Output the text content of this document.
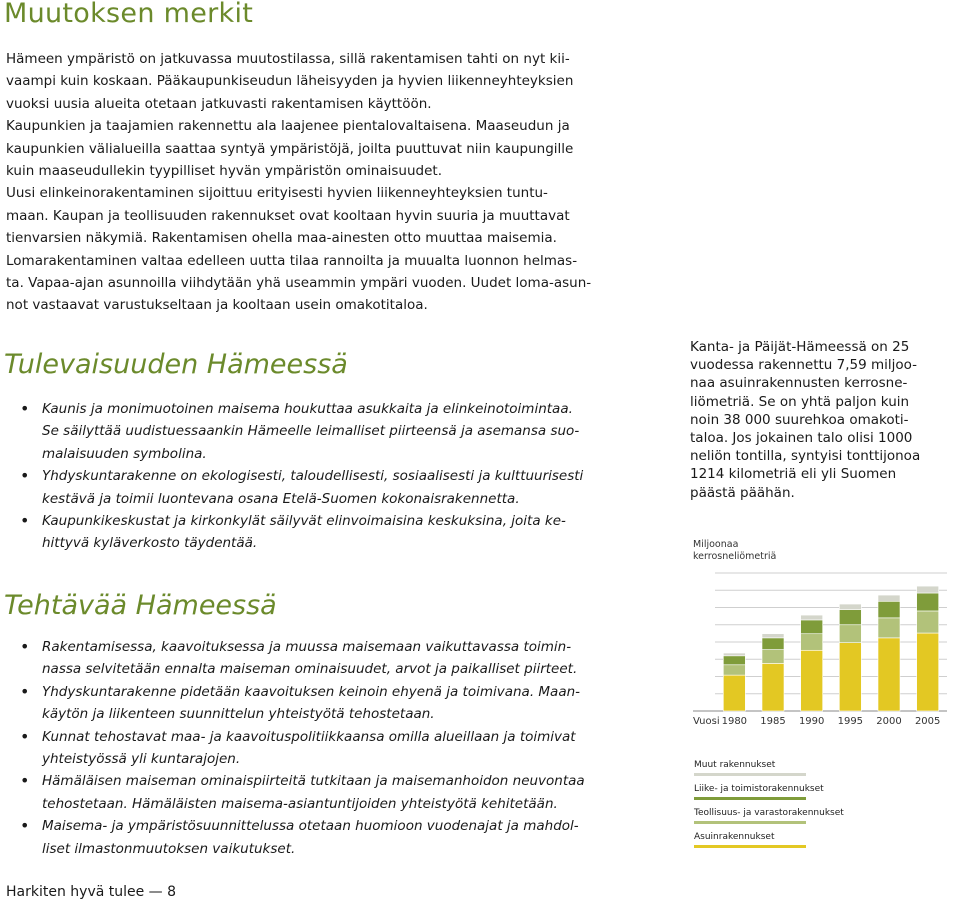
Muutoksen merkit

Hämeen ympäristö on jatkuvassa muutostilassa, sillä rakentamisen tahti on nyt kii-

vaampi kuin koskaan. Pääkaupunkiseudun läheisyyden ja hyvien liikenneyhteyksien

vuoksi uusia alueita otetaan jatkuvasti rakentamisen käyttöön.

Kaupunkien ja taajamien rakennettu ala laajenee pientalovaltaisena. Maaseudun ja

kaupunkien välialueilla saattaa syntyä ympäristöjä, joilta puuttuvat niin kaupungille

kuin maaseudullekin tyypilliset hyvän ympäristön ominaisuudet.

Uusi elinkeinorakentaminen sijoittuu erityisesti hyvien liikenneyhteyksien tuntu-

maan. Kaupan ja teollisuuden rakennukset ovat kooltaan hyvin suuria ja muuttavat

tienvarsien näkymiä. Rakentamisen ohella maa-ainesten otto muuttaa maisemia.

Lomarakentaminen valtaa edelleen uutta tilaa rannoilta ja muualta luonnon helmas-

ta. Vapaa-ajan asunnoilla viihdytään yhä useammin ympäri vuoden. Uudet loma-asun-

not vastaavat varustukseltaan ja kooltaan usein omakotitaloa.

Tulevaisuuden Hämeessä
• Kaunis ja monimuotoinen maisema houkuttaa asukkaita ja elinkeinotoimintaa.
Se säilyttää uudistuessaankin Hämeelle leimalliset piirteensä ja asemansa suo-
malaisuuden symbolina.
• Yhdyskuntarakenne on ekologisesti, taloudellisesti, sosiaalisesti ja kulttuurisesti
kestävä ja toimii luontevana osana Etelä-Suomen kokonaisrakennetta.
• Kaupunkikeskustat ja kirkonkylät säilyvät elinvoimaisina keskuksina, joita ke-
hittyvä kyläverkosto täydentää.
Tehtävää Hämeessä
• Rakentamisessa, kaavoituksessa ja muussa maisemaan vaikuttavassa toimin-
nassa selvitetään ennalta maiseman ominaisuudet, arvot ja paikalliset piirteet.
• Yhdyskuntarakenne pidetään kaavoituksen keinoin ehyenä ja toimivana. Maan-
käytön ja liikenteen suunnittelun yhteistyötä tehostetaan.
• Kunnat tehostavat maa- ja kaavoituspolitiikkaansa omilla alueillaan ja toimivat
yhteistyössä yli kuntarajojen.
• Hämäläisen maiseman ominaispiirteitä tutkitaan ja maisemanhoidon neuvontaa
tehostetaan. Hämäläisten maisema-asiantuntijoiden yhteistyötä kehitetään.
• Maisema- ja ympäristösuunnittelussa otetaan huomioon vuodenajat ja mahdol-
liset ilmastonmuutoksen vaikutukset.
Kanta- ja Päijät-Hämeessä on 25
vuodessa rakennettu 7,59 miljoo-
naa asuinrakennusten kerrosne-
liömetriä. Se on yhtä paljon kuin
noin 38 000 suurehkoa omakoti-
taloa. Jos jokainen talo olisi 1000
neliön tontilla, syntyisi tonttijonoa
1214 kilometriä eli yli Suomen
päästä päähän.
Miljoonaa
kerrosneliömetriä
1980 1985 1990 1995 2000 2005
Vuosi
Muut rakennukset
Liike- ja toimistorakennukset
Teollisuus- ja varastorakennukset
Asuinrakennukset
Harkiten hyvä tulee — 8
